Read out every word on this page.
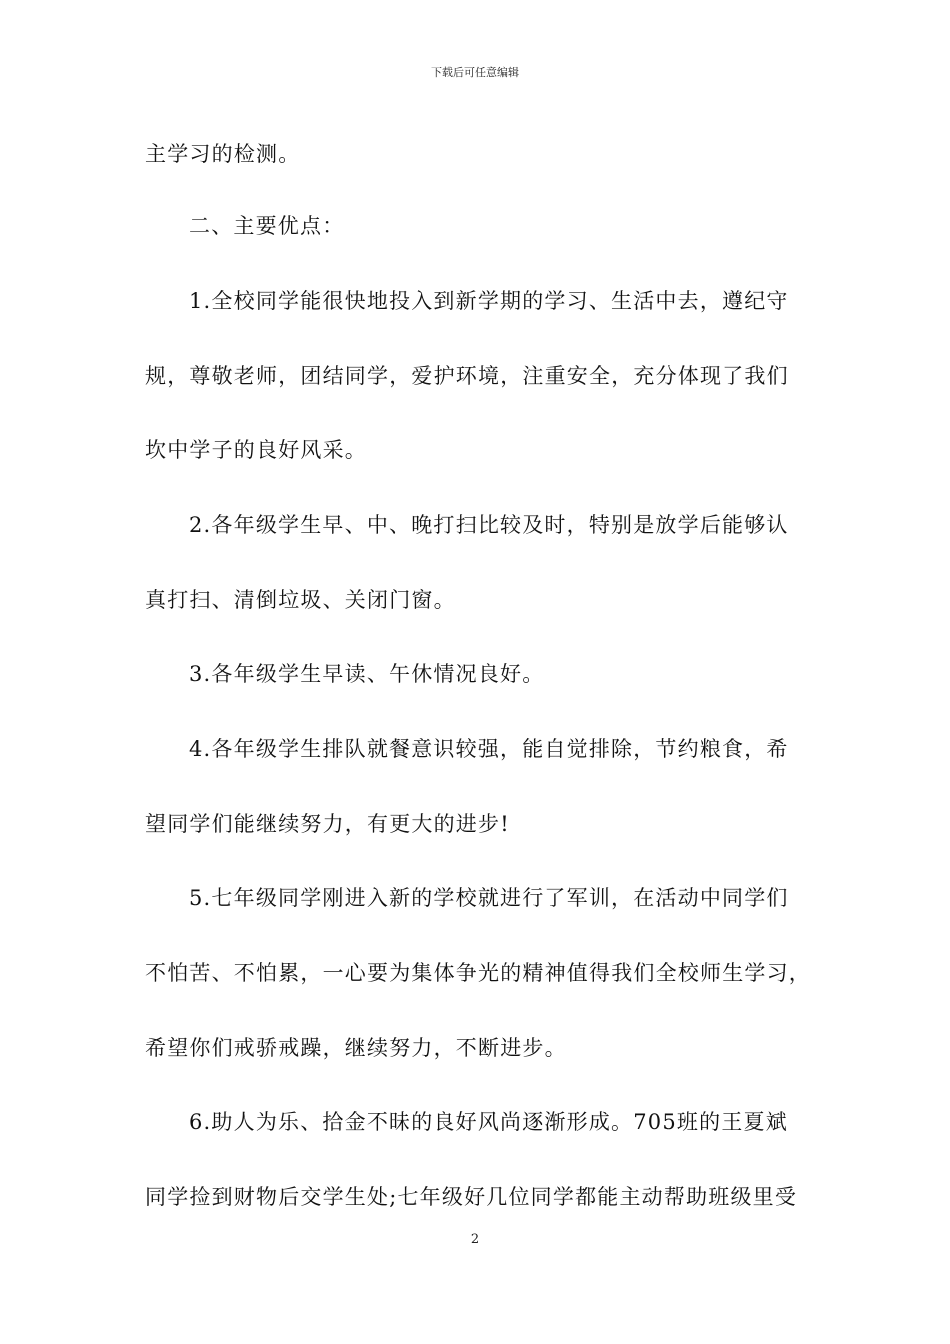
下载后可任意编辑
主学习的检测。
二、主要优点：
1.全校同学能很快地投入到新学期的学习、生活中去，遵纪守
规，尊敬老师，团结同学，爱护环境，注重安全，充分体现了我们
坎中学子的良好风采。
2.各年级学生早、中、晚打扫比较及时，特别是放学后能够认
真打扫、清倒垃圾、关闭门窗。
3.各年级学生早读、午休情况良好。
4.各年级学生排队就餐意识较强，能自觉排除，节约粮食，希
望同学们能继续努力，有更大的进步!
5.七年级同学刚进入新的学校就进行了军训，在活动中同学们
不怕苦、不怕累，一心要为集体争光的精神值得我们全校师生学习，
希望你们戒骄戒躁，继续努力，不断进步。
6.助人为乐、拾金不昧的良好风尚逐渐形成。705班的王夏斌
同学捡到财物后交学生处;七年级好几位同学都能主动帮助班级里受
2
